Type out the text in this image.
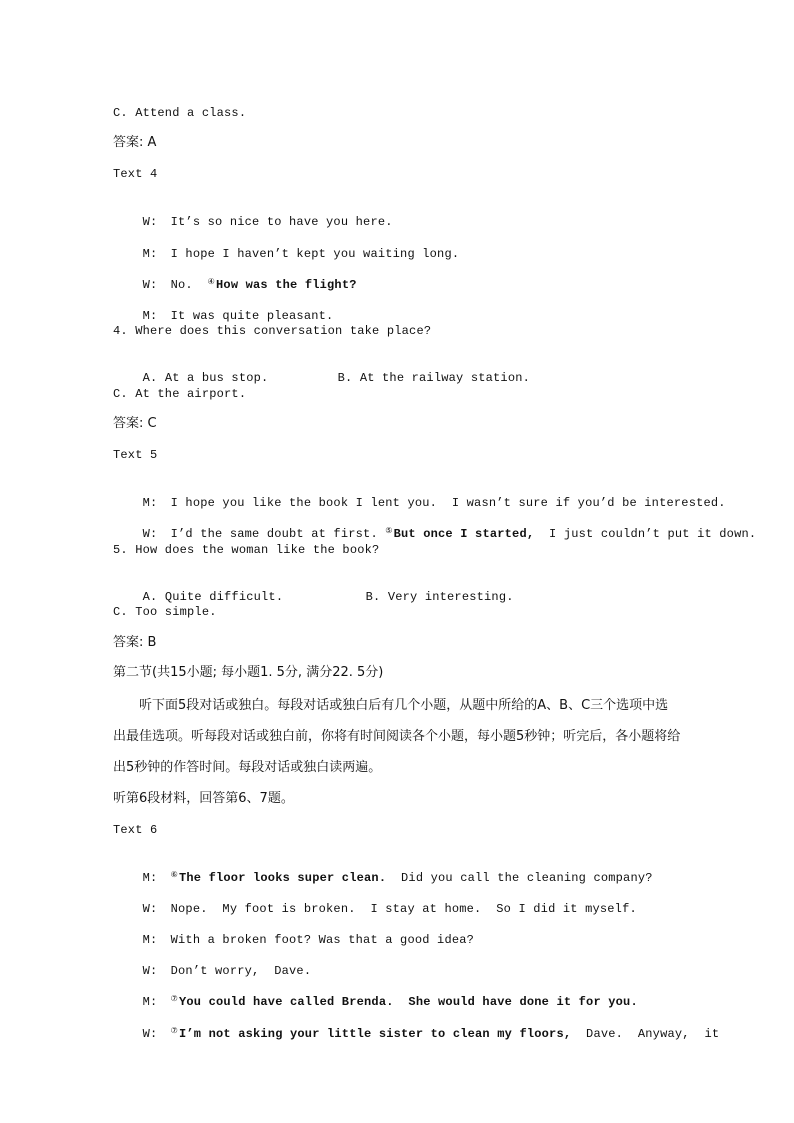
C. Attend a class.
答案: A
Text 4

W: It’s so nice to have you here.

M: I hope I haven’t kept you waiting long.

W: No. ④How was the flight?

M: It was quite pleasant.

4. Where does this conversation take place?

A. At a bus stop.	B. At the railway station.

C. At the airport.
答案: C
Text 5

M: I hope you like the book I lent you.  I wasn’t sure if you’d be interested.

W: I’d the same doubt at first. ⑤But once I started,  I just couldn’t put it down.

5. How does the woman like the book?

A. Quite difficult.	B. Very interesting.

C. Too simple.
答案: B
第二节(共15小题; 每小题1. 5分, 满分22. 5分)
听下面5段对话或独白。每段对话或独白后有几个小题，从题中所给的A、B、C三个选项中选出最佳选项。听每段对话或独白前，你将有时间阅读各个小题，每小题5秒钟；听完后，各小题将给出5秒钟的作答时间。每段对话或独白读两遍。
听第6段材料，回答第6、7题。
Text 6

M: ⑥The floor looks super clean.  Did you call the cleaning company?

W: Nope.  My foot is broken.  I stay at home.  So I did it myself.

M: With a broken foot? Was that a good idea?

W: Don’t worry,  Dave.

M: ⑦You could have called Brenda.  She would have done it for you.

W: ⑦I’m not asking your little sister to clean my floors,  Dave.  Anyway,  it
